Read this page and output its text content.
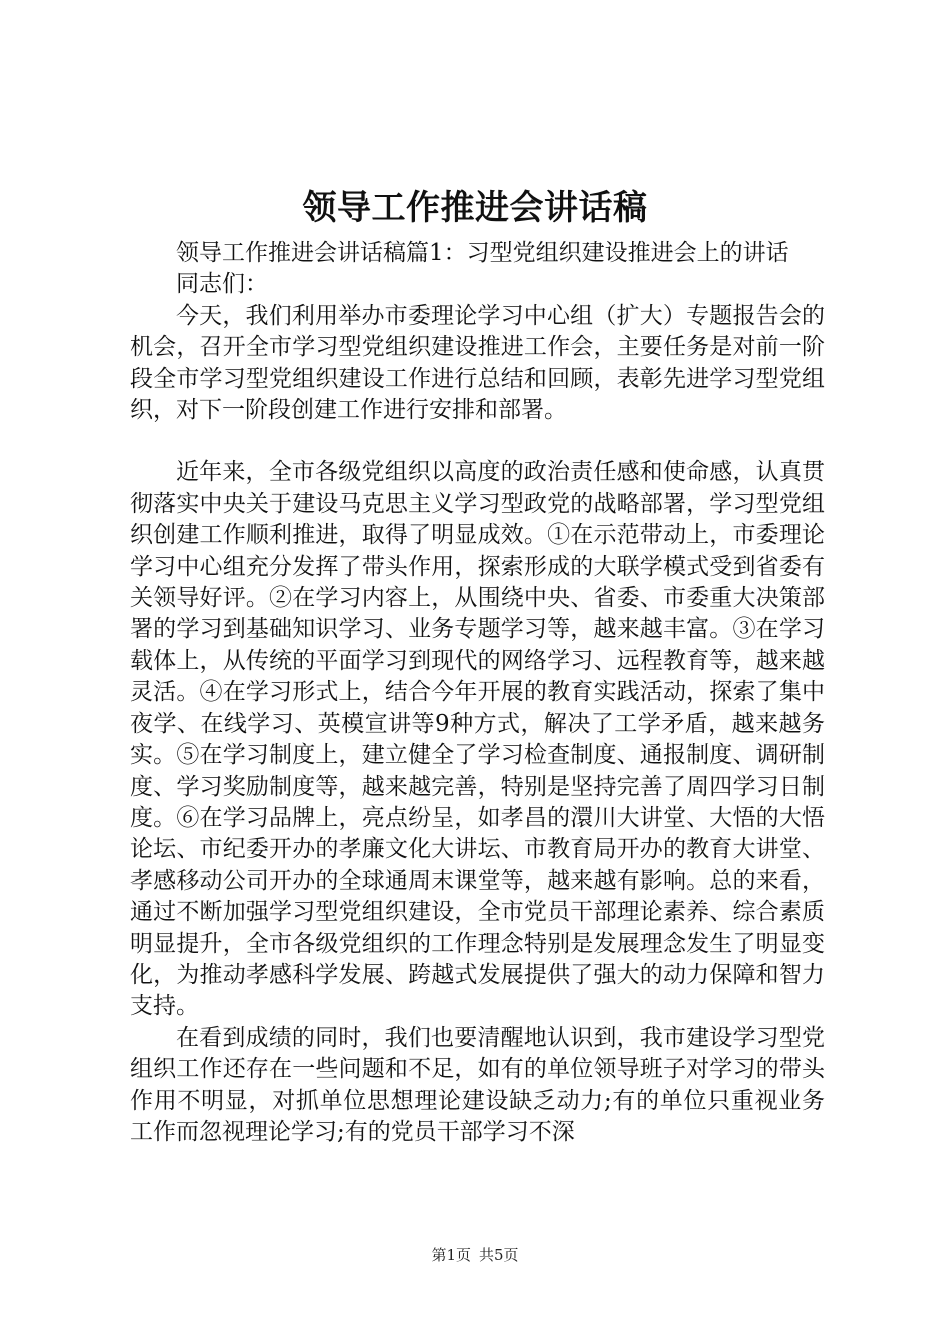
领导工作推进会讲话稿

领导工作推进会讲话稿篇1：习型党组织建设推进会上的讲话

同志们：

今天，我们利用举办市委理论学习中心组（扩大）专题报告会的机会，召开全市学习型党组织建设推进工作会，主要任务是对前一阶段全市学习型党组织建设工作进行总结和回顾，表彰先进学习型党组织，对下一阶段创建工作进行安排和部署。

近年来，全市各级党组织以高度的政治责任感和使命感，认真贯彻落实中央关于建设马克思主义学习型政党的战略部署，学习型党组织创建工作顺利推进，取得了明显成效。①在示范带动上，市委理论学习中心组充分发挥了带头作用，探索形成的大联学模式受到省委有关领导好评。②在学习内容上，从围绕中央、省委、市委重大决策部署的学习到基础知识学习、业务专题学习等，越来越丰富。③在学习载体上，从传统的平面学习到现代的网络学习、远程教育等，越来越灵活。④在学习形式上，结合今年开展的教育实践活动，探索了集中夜学、在线学习、英模宣讲等9种方式，解决了工学矛盾，越来越务实。⑤在学习制度上，建立健全了学习检查制度、通报制度、调研制度、学习奖励制度等，越来越完善，特别是坚持完善了周四学习日制度。⑥在学习品牌上，亮点纷呈，如孝昌的澴川大讲堂、大悟的大悟论坛、市纪委开办的孝廉文化大讲坛、市教育局开办的教育大讲堂、孝感移动公司开办的全球通周末课堂等，越来越有影响。总的来看，通过不断加强学习型党组织建设，全市党员干部理论素养、综合素质明显提升，全市各级党组织的工作理念特别是发展理念发生了明显变化，为推动孝感科学发展、跨越式发展提供了强大的动力保障和智力支持。

在看到成绩的同时，我们也要清醒地认识到，我市建设学习型党组织工作还存在一些问题和不足，如有的单位领导班子对学习的带头作用不明显，对抓单位思想理论建设缺乏动力;有的单位只重视业务工作而忽视理论学习;有的党员干部学习不深

第1页 共5页
